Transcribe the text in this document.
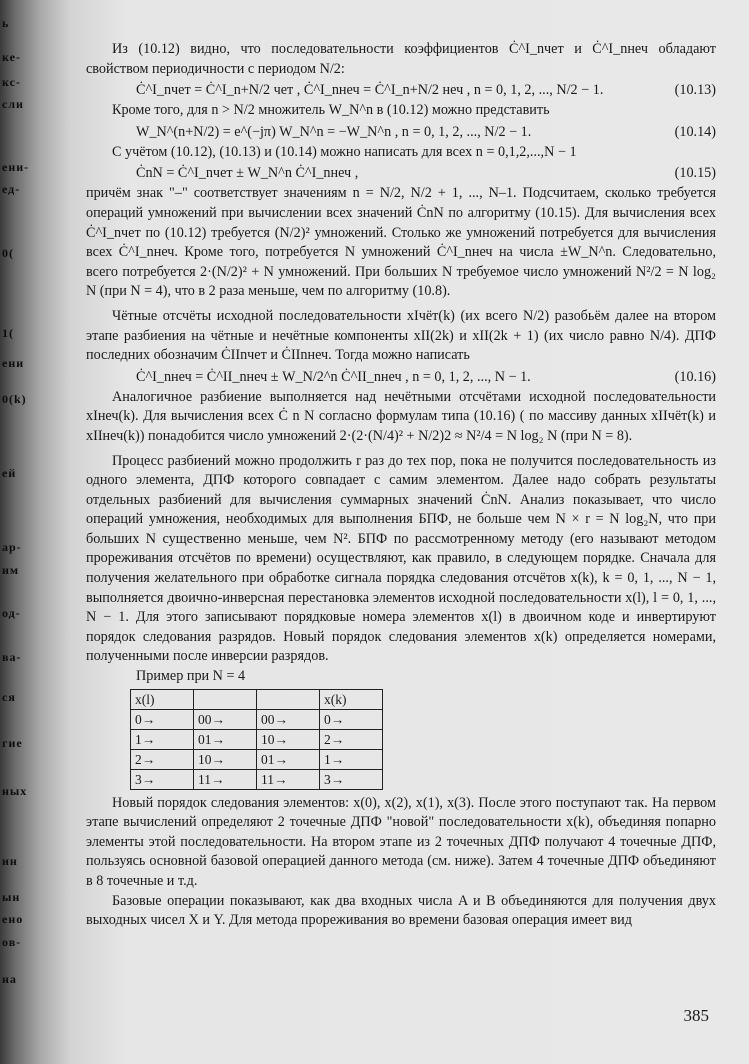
ь
ке-
кс-
сли
ени-
ед-
0(
1(
ени
0(k)
ей
ар-
им
од-
ва-
ся
гие
ных
ин
ын
ено
ов-
на

Из (10.12) видно, что последовательности коэффициентов Ċ^I_nчет и Ċ^I_nнеч обладают свойством периодичности с периодом N/2:

Ċ^I_nчет = Ċ^I_n+N/2 чет , Ċ^I_nнеч = Ċ^I_n+N/2 неч , n = 0, 1, 2, ..., N/2 − 1.	(10.13)

Кроме того, для n > N/2 множитель W_N^n в (10.12) можно представить

W_N^(n+N/2) = e^(−jπ) W_N^n = −W_N^n , n = 0, 1, 2, ..., N/2 − 1.	(10.14)

С учётом (10.12), (10.13) и (10.14) можно написать для всех n = 0,1,2,...,N − 1

ĊnN = Ċ^I_nчет ± W_N^n Ċ^I_nнеч ,	(10.15)

причём знак "–" соответствует значениям n = N/2, N/2 + 1, ..., N–1. Подсчитаем, сколько требуется операций умножений при вычислении всех значений ĊnN по алгоритму (10.15). Для вычисления всех Ċ^I_nчет по (10.12) требуется (N/2)² умножений. Столько же умножений потребуется для вычисления всех Ċ^I_nнеч. Кроме того, потребуется N умножений Ċ^I_nнеч на числа ±W_N^n. Следовательно, всего потребуется 2·(N/2)² + N умножений. При больших N требуемое число умножений N²/2 = N log₂ N (при N = 4), что в 2 раза меньше, чем по алгоритму (10.8).

Чётные отсчёты исходной последовательности xIчёт(k) (их всего N/2) разобьём далее на втором этапе разбиения на чётные и нечётные компоненты xII(2k) и xII(2k + 1) (их число равно N/4). ДПФ последних обозначим ĊIInчет и ĊIInнеч. Тогда можно написать

Ċ^I_nнеч = Ċ^II_nнеч ± W_N/2^n Ċ^II_nнеч , n = 0, 1, 2, ..., N − 1.	(10.16)

Аналогичное разбиение выполняется над нечётными отсчётами исходной последовательности xIнеч(k). Для вычисления всех Ċ n N согласно формулам типа (10.16) ( по массиву данных xIIчёт(k) и xIIнеч(k)) понадобится число умножений 2·(2·(N/4)² + N/2)2 ≈ N²/4 = N log₂ N (при N = 8).

Процесс разбиений можно продолжить r раз до тех пор, пока не получится последовательность из одного элемента, ДПФ которого совпадает с самим элементом. Далее надо собрать результаты отдельных разбиений для вычисления суммарных значений ĊnN. Анализ показывает, что число операций умножения, необходимых для выполнения БПФ, не больше чем N × r = N log₂N, что при больших N существенно меньше, чем N². БПФ по рассмотренному методу (его называют методом прореживания отсчётов по времени) осуществляют, как правило, в следующем порядке. Сначала для получения желательного при обработке сигнала порядка следования отсчётов x(k), k = 0, 1, ..., N − 1, выполняется двоично-инверсная перестановка элементов исходной последовательности x(l), l = 0, 1, ..., N − 1. Для этого записывают порядковые номера элементов x(l) в двоичном коде и инвертируют порядок следования разрядов. Новый порядок следования элементов x(k) определяется номерами, полученными после инверсии разрядов.

Пример при N = 4
x(l)			x(k)
0→	00→	00→	0→
1→	01→	10→	2→
2→	10→	01→	1→
3→	11→	11→	3→

Новый порядок следования элементов: x(0), x(2), x(1), x(3). После этого поступают так. На первом этапе вычислений определяют 2 точечные ДПФ "новой" последовательности x(k), объединяя попарно элементы этой последовательности. На втором этапе из 2 точечных ДПФ получают 4 точечные ДПФ, пользуясь основной базовой операцией данного метода (см. ниже). Затем 4 точечные ДПФ объединяют в 8 точечные и т.д.

Базовые операции показывают, как два входных числа A и B объединяются для получения двух выходных чисел X и Y. Для метода прореживания во времени базовая операция имеет вид

385
